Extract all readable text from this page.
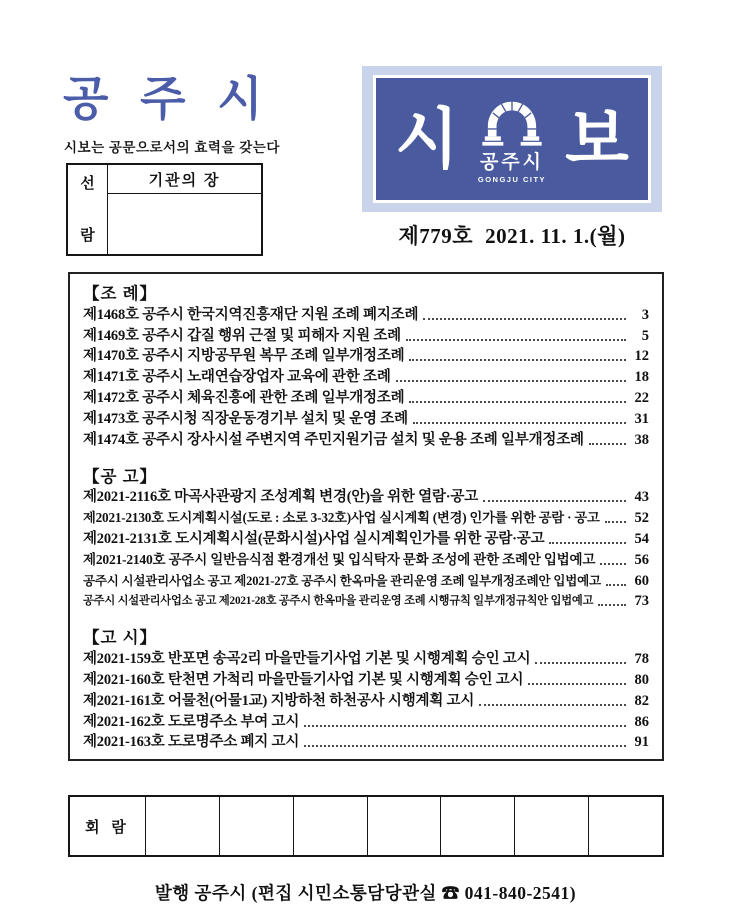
공 주 시
시보는 공문으로서의 효력을 갖는다
선
람
기관의 장
시 공주시
GONGJU CITY
보
제779호 2021. 11. 1.(월)
【조 례】
제1468호 공주시 한국지역진흥재단 지원 조례 폐지조례	3
제1469호 공주시 갑질 행위 근절 및 피해자 지원 조례	5
제1470호 공주시 지방공무원 복무 조례 일부개정조례	12
제1471호 공주시 노래연습장업자 교육에 관한 조례	18
제1472호 공주시 체육진흥에 관한 조례 일부개정조례	22
제1473호 공주시청 직장운동경기부 설치 및 운영 조례	31
제1474호 공주시 장사시설 주변지역 주민지원기금 설치 및 운용 조례 일부개정조례	38
【공 고】
제2021-2116호 마곡사관광지 조성계획 변경(안)을 위한 열람·공고	43
제2021-2130호 도시계획시설(도로 : 소로 3-32호)사업 실시계획 (변경) 인가를 위한 공람 · 공고 52
제2021-2131호 도시계획시설(문화시설)사업 실시계획인가를 위한 공람·공고	54
제2021-2140호 공주시 일반음식점 환경개선 및 입식탁자 문화 조성에 관한 조례안 입법예고	56
공주시 시설관리사업소 공고 제2021-27호 공주시 한옥마을 관리운영 조례 일부개정조례안 입법예고 60
공주시 시설관리사업소 공고 제2021-28호 공주시 한옥마을 관리운영 조례 시행규칙 일부개정규칙안 입법예고	73
【고 시】
제2021-159호 반포면 송곡2리 마을만들기사업 기본 및 시행계획 승인 고시	78
제2021-160호 탄천면 가척리 마을만들기사업 기본 및 시행계획 승인 고시	80
제2021-161호 어물천(어물1교) 지방하천 하천공사 시행계획 고시	82
제2021-162호 도로명주소 부여 고시	86
제2021-163호 도로명주소 폐지 고시	91
회 람
발행 공주시 (편집 시민소통담당관실 ☎ 041-840-2541)
